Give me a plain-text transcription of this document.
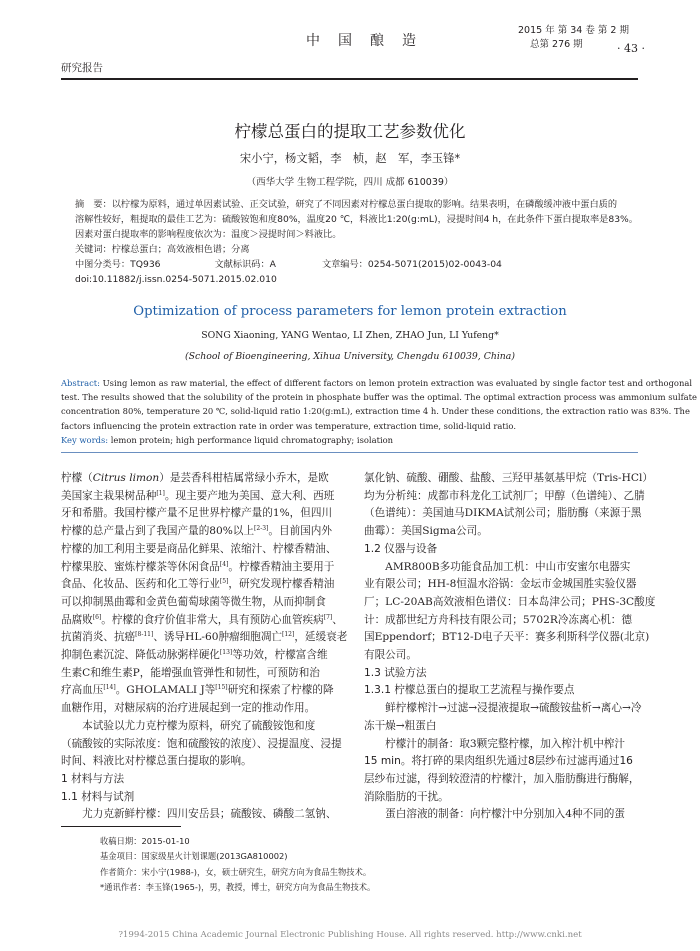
中　国　酿　造
2015 年 第 34 卷 第 2 期
总第 276 期	· 43 ·
研究报告
柠檬总蛋白的提取工艺参数优化
宋小宁，杨文韬，李　桢，赵　军，李玉锋*
（西华大学 生物工程学院，四川 成都 610039）
摘　要：以柠檬为原料，通过单因素试验、正交试验，研究了不同因素对柠檬总蛋白提取的影响。结果表明，在磷酸缓冲液中蛋白质的
溶解性较好，粗提取的最佳工艺为：硫酸铵饱和度80%，温度20 ℃，料液比1:20(g:mL)，浸提时间4 h，在此条件下蛋白提取率是83%。
因素对蛋白提取率的影响程度依次为：温度＞浸提时间＞料液比。
关键词：柠檬总蛋白；高效液相色谱；分离
中图分类号：TQ936	文献标识码：A	文章编号：0254-5071(2015)02-0043-04
doi:10.11882/j.issn.0254-5071.2015.02.010
Optimization of process parameters for lemon protein extraction
SONG Xiaoning, YANG Wentao, LI Zhen, ZHAO Jun, LI Yufeng*
(School of Bioengineering, Xihua University, Chengdu 610039, China)
Abstract: Using lemon as raw material, the effect of different factors on lemon protein extraction was evaluated by single factor test and orthogonal
test. The results showed that the solubility of the protein in phosphate buffer was the optimal. The optimal extraction process was ammonium sulfate
concentration 80%, temperature 20 ℃, solid-liquid ratio 1:20(g:mL), extraction time 4 h. Under these conditions, the extraction ratio was 83%. The
factors influencing the protein extraction rate in order was temperature, extraction time, solid-liquid ratio.
Key words: lemon protein; high performance liquid chromatography; isolation
柠檬（Citrus limon）是芸香科柑桔属常绿小乔木，是欧
美国家主栽果树品种[1]。现主要产地为美国、意大利、西班
牙和希腊。我国柠檬产量不足世界柠檬产量的1%，但四川
柠檬的总产量占到了我国产量的80%以上[2-3]。目前国内外
柠檬的加工利用主要是商品化鲜果、浓缩汁、柠檬香精油、
柠檬果胶、蜜炼柠檬茶等休闲食品[4]。柠檬香精油主要用于
食品、化妆品、医药和化工等行业[5]，研究发现柠檬香精油
可以抑制黑曲霉和金黄色葡萄球菌等微生物，从而抑制食
品腐败[6]。柠檬的食疗价值非常大，具有预防心血管疾病[7]、
抗菌消炎、抗癌[8-11]、诱导HL-60肿瘤细胞凋亡[12]，延缓衰老
抑制色素沉淀、降低动脉粥样硬化[13]等功效，柠檬富含维
生素C和维生素P，能增强血管弹性和韧性，可预防和治
疗高血压[14]。GHOLAMALI J等[15]研究和探索了柠檬的降
血糖作用，对糖尿病的治疗进展起到一定的推动作用。
　　本试验以尤力克柠檬为原料，研究了硫酸铵饱和度
（硫酸铵的实际浓度：饱和硫酸铵的浓度）、浸提温度、浸提
时间、料液比对柠檬总蛋白提取的影响。
1 材料与方法
1.1 材料与试剂
　　尤力克新鲜柠檬：四川安岳县；硫酸铵、磷酸二氢钠、
氯化钠、硫酸、硼酸、盐酸、三羟甲基氨基甲烷（Tris-HCl）
均为分析纯：成都市科龙化工试剂厂；甲醇（色谱纯）、乙腈
（色谱纯）：美国迪马DIKMA试剂公司；脂肪酶（来源于黑
曲霉）：美国Sigma公司。
1.2 仪器与设备
　　AMR800B多功能食品加工机：中山市安蜜尔电器实
业有限公司；HH-8恒温水浴锅：金坛市金城国胜实验仪器
厂；LC-20AB高效液相色谱仪：日本岛津公司；PHS-3C酸度
计：成都世纪方舟科技有限公司；5702R冷冻离心机：德
国Eppendorf；BT12-D电子天平：赛多利斯科学仪器(北京)
有限公司。
1.3 试验方法
1.3.1 柠檬总蛋白的提取工艺流程与操作要点
　　鲜柠檬榨汁→过滤→浸提液提取→硫酸铵盐析→离心→冷
冻干燥→粗蛋白
　　柠檬汁的制备：取3颗完整柠檬，加入榨汁机中榨汁
15 min。将打碎的果肉组织先通过8层纱布过滤再通过16
层纱布过滤，得到较澄清的柠檬汁，加入脂肪酶进行酶解，
消除脂肪的干扰。
　　蛋白溶液的制备：向柠檬汁中分别加入4种不同的蛋
收稿日期：2015-01-10
基金项目：国家级星火计划课题(2013GA810002)
作者简介：宋小宁(1988-)，女，硕士研究生，研究方向为食品生物技术。
*通讯作者：李玉锋(1965-)，男，教授，博士，研究方向为食品生物技术。
?1994-2015 China Academic Journal Electronic Publishing House. All rights reserved. http://www.cnki.net
